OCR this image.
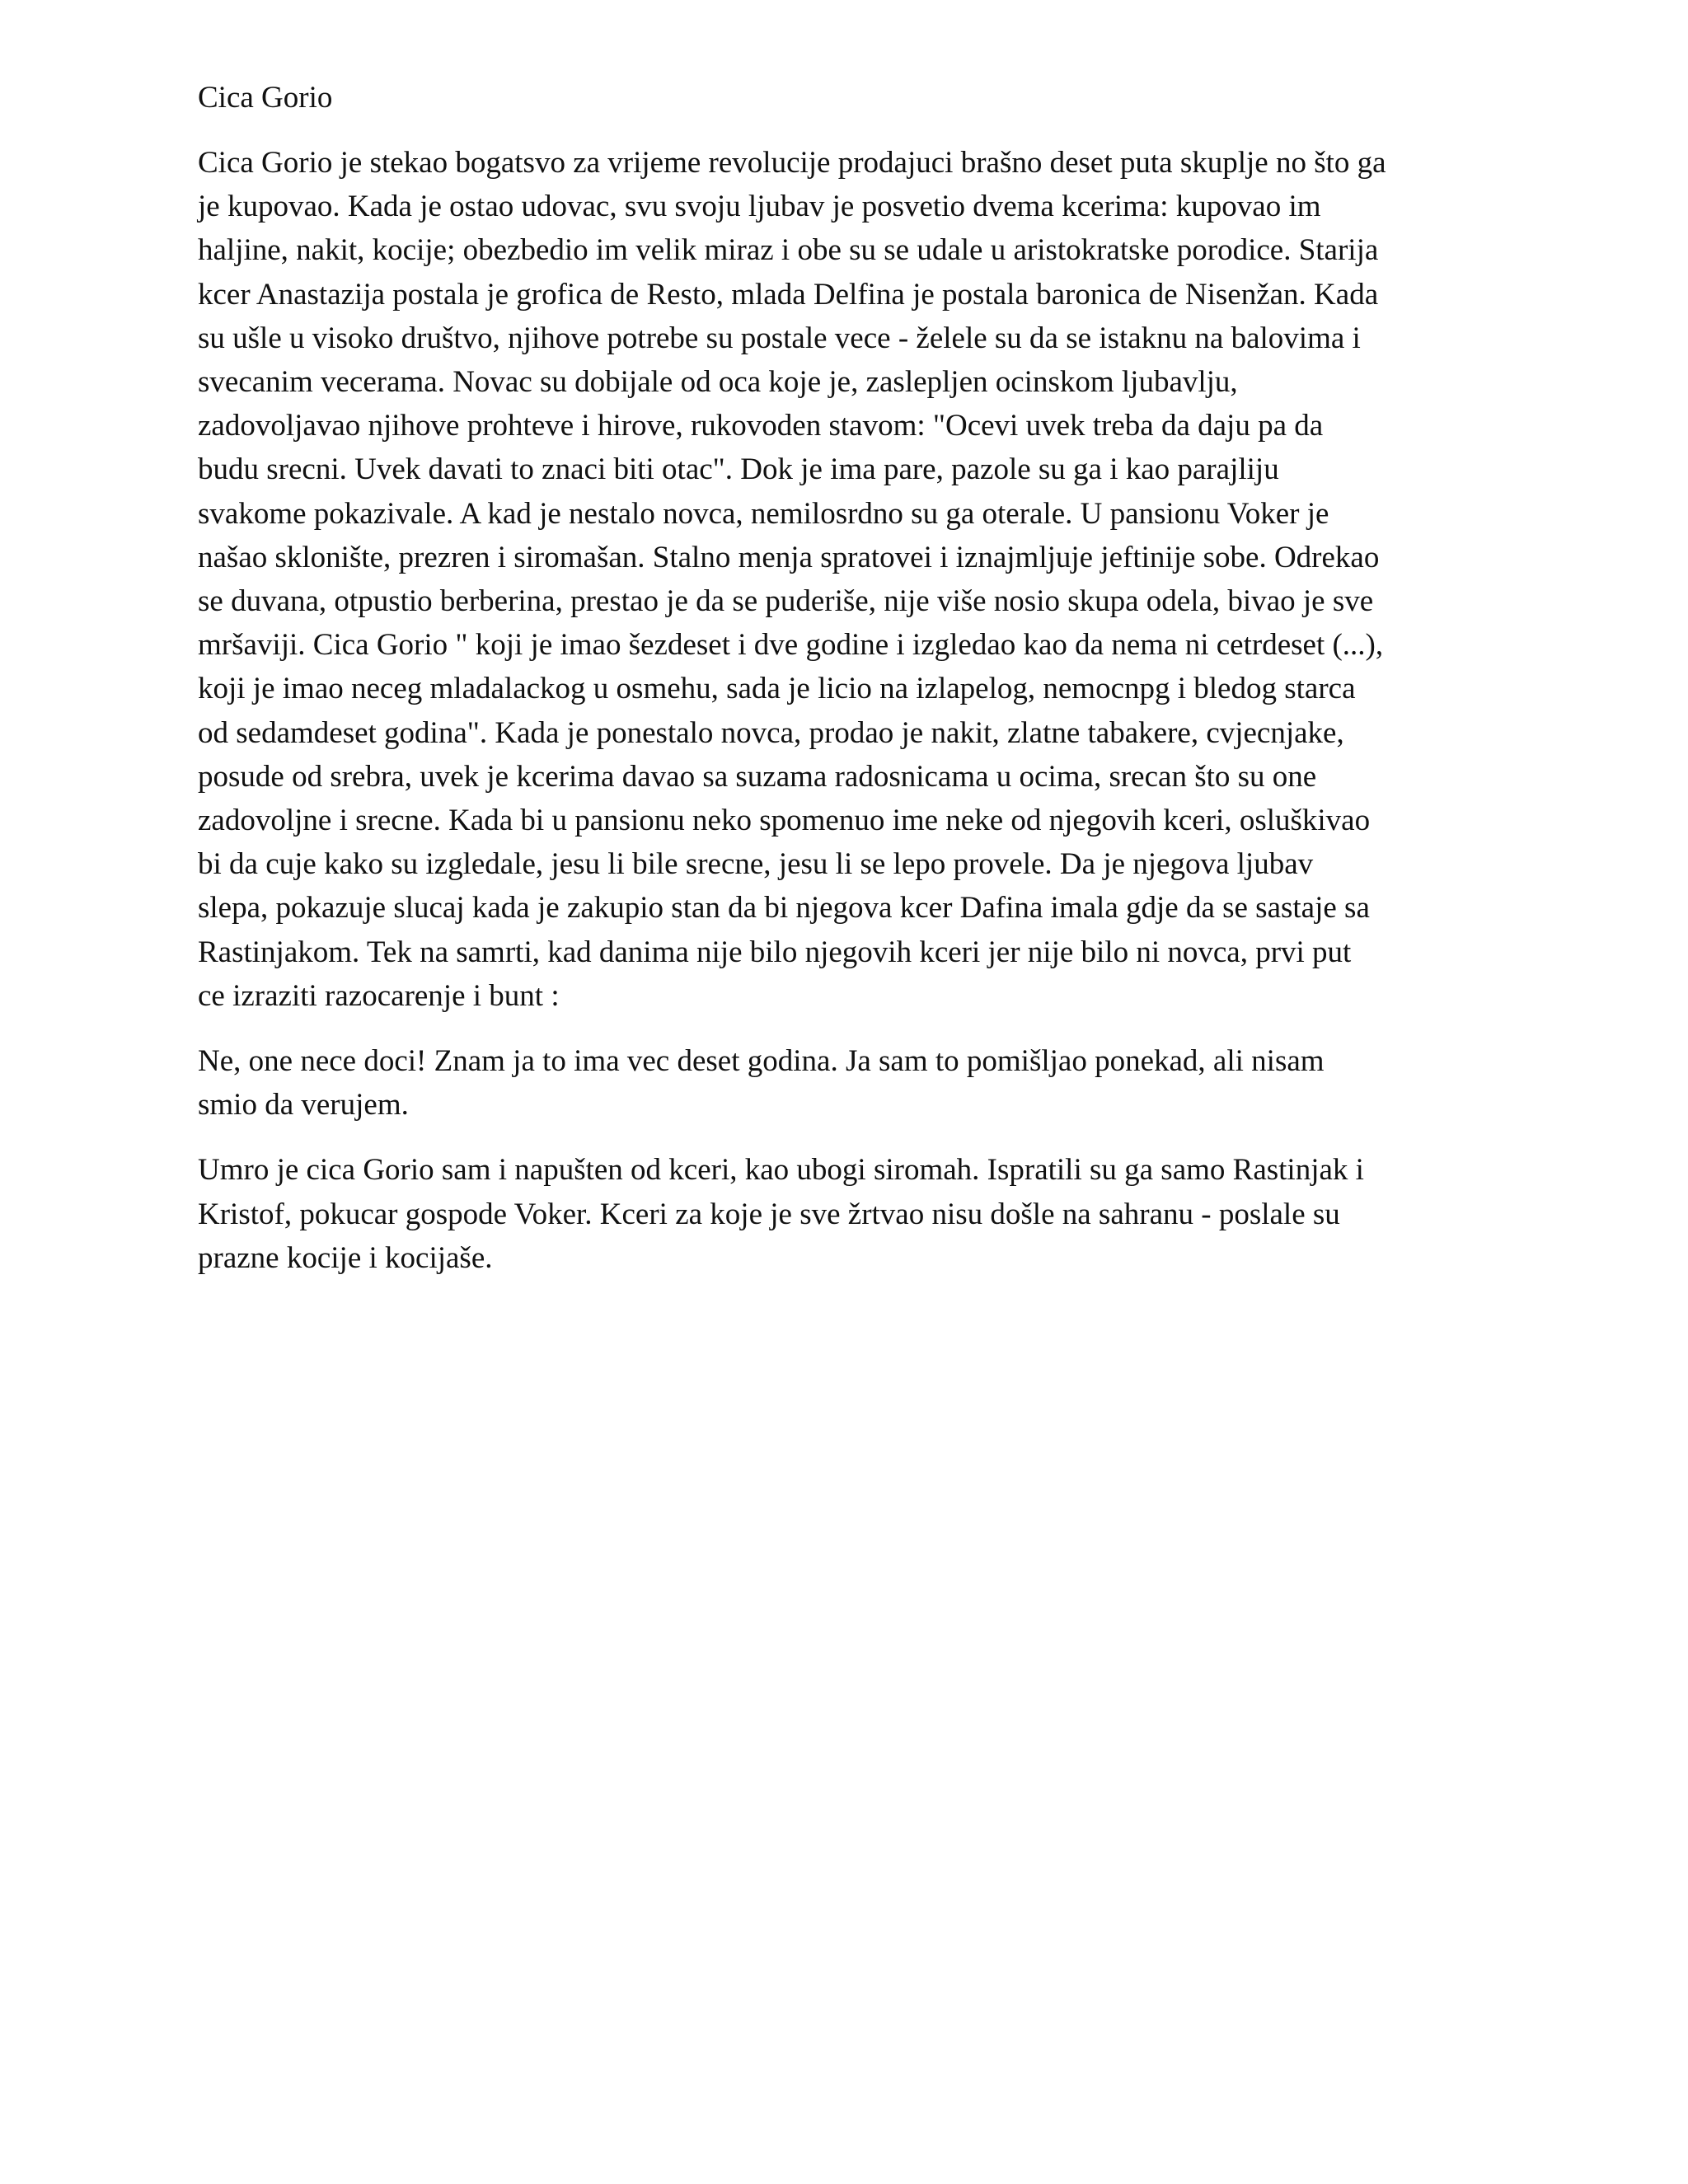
Cica Gorio
Cica Gorio je stekao bogatsvo za vrijeme revolucije prodajuci brašno deset puta skuplje no što ga
je kupovao. Kada je ostao udovac, svu svoju ljubav je posvetio dvema kcerima: kupovao im
haljine, nakit, kocije; obezbedio im velik miraz i obe su se udale u aristokratske porodice. Starija
kcer Anastazija postala je grofica de Resto, mlada Delfina je postala baronica de Nisenžan. Kada
su ušle u visoko društvo, njihove potrebe su postale vece - želele su da se istaknu na balovima i
svecanim vecerama. Novac su dobijale od oca koje je, zaslepljen ocinskom ljubavlju,
zadovoljavao njihove prohteve i hirove, rukovoden stavom: "Ocevi uvek treba da daju pa da
budu srecni. Uvek davati to znaci biti otac". Dok je ima pare, pazole su ga i kao parajliju
svakome pokazivale. A kad je nestalo novca, nemilosrdno su ga oterale. U pansionu Voker je
našao sklonište, prezren i siromašan. Stalno menja spratovei i iznajmljuje jeftinije sobe. Odrekao
se duvana, otpustio berberina, prestao je da se puderiše, nije više nosio skupa odela, bivao je sve
mršaviji. Cica Gorio " koji je imao šezdeset i dve godine i izgledao kao da nema ni cetrdeset (...),
koji je imao neceg mladalackog u osmehu, sada je licio na izlapelog, nemocnpg i bledog starca
od sedamdeset godina". Kada je ponestalo novca, prodao je nakit, zlatne tabakere, cvjecnjake,
posude od srebra, uvek je kcerima davao sa suzama radosnicama u ocima, srecan što su one
zadovoljne i srecne. Kada bi u pansionu neko spomenuo ime neke od njegovih kceri, osluškivao
bi da cuje kako su izgledale, jesu li bile srecne, jesu li se lepo provele. Da je njegova ljubav
slepa, pokazuje slucaj kada je zakupio stan da bi njegova kcer Dafina imala gdje da se sastaje sa
Rastinjakom. Tek na samrti, kad danima nije bilo njegovih kceri jer nije bilo ni novca, prvi put
ce izraziti razocarenje i bunt :
Ne, one nece doci! Znam ja to ima vec deset godina. Ja sam to pomišljao ponekad, ali nisam
smio da verujem.
Umro je cica Gorio sam i napušten od kceri, kao ubogi siromah. Ispratili su ga samo Rastinjak i
Kristof, pokucar gospode Voker. Kceri za koje je sve žrtvao nisu došle na sahranu - poslale su
prazne kocije i kocijaše.
